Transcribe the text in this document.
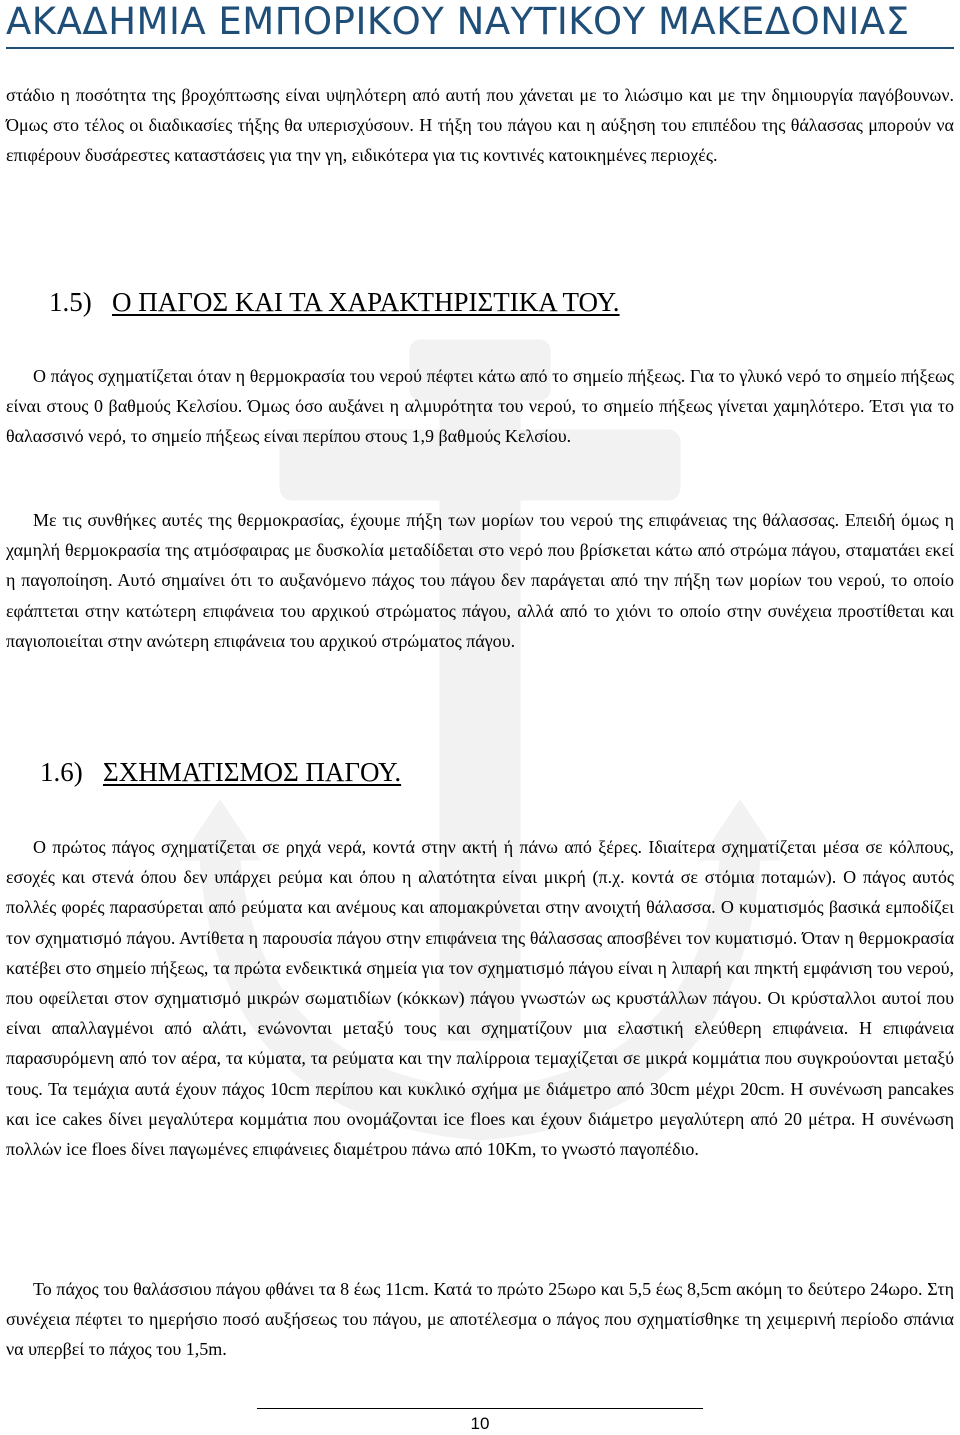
ΑΚΑΔΗΜΙΑ ΕΜΠΟΡΙΚΟΥ ΝΑΥΤΙΚΟΥ ΜΑΚΕΔΟΝΙΑΣ

στάδιο η ποσότητα της βροχόπτωσης είναι υψηλότερη από αυτή που χάνεται με το λιώσιμο και με την δημιουργία παγόβουνων. Όμως στο τέλος οι διαδικασίες τήξης θα υπερισχύσουν. Η τήξη του πάγου και η αύξηση του επιπέδου της θάλασσας μπορούν να επιφέρουν δυσάρεστες καταστάσεις για την γη, ειδικότερα για τις κοντινές κατοικημένες περιοχές.

1.5) Ο ΠΑΓΟΣ ΚΑΙ ΤΑ ΧΑΡΑΚΤΗΡΙΣΤΙΚΑ ΤΟΥ.

Ο πάγος σχηματίζεται όταν η θερμοκρασία του νερού πέφτει κάτω από το σημείο πήξεως. Για το γλυκό νερό το σημείο πήξεως είναι στους 0 βαθμούς Κελσίου. Όμως όσο αυξάνει η αλμυρότητα του νερού, το σημείο πήξεως γίνεται χαμηλότερο. Έτσι για το θαλασσινό νερό, το σημείο πήξεως είναι περίπου στους 1,9 βαθμούς Κελσίου.

Με τις συνθήκες αυτές της θερμοκρασίας, έχουμε πήξη των μορίων του νερού της επιφάνειας της θάλασσας. Επειδή όμως η χαμηλή θερμοκρασία της ατμόσφαιρας με δυσκολία μεταδίδεται στο νερό που βρίσκεται κάτω από στρώμα πάγου, σταματάει εκεί η παγοποίηση. Αυτό σημαίνει ότι το αυξανόμενο πάχος του πάγου δεν παράγεται από την πήξη των μορίων του νερού, το οποίο εφάπτεται στην κατώτερη επιφάνεια του αρχικού στρώματος πάγου, αλλά από το χιόνι το οποίο στην συνέχεια προστίθεται και παγιοποιείται στην ανώτερη επιφάνεια του αρχικού στρώματος πάγου.

1.6) ΣΧΗΜΑΤΙΣΜΟΣ ΠΑΓΟΥ.

Ο πρώτος πάγος σχηματίζεται σε ρηχά νερά, κοντά στην ακτή ή πάνω από ξέρες. Ιδιαίτερα σχηματίζεται μέσα σε κόλπους, εσοχές και στενά όπου δεν υπάρχει ρεύμα και όπου η αλατότητα είναι μικρή (π.χ. κοντά σε στόμια ποταμών). Ο πάγος αυτός πολλές φορές παρασύρεται από ρεύματα και ανέμους και απομακρύνεται στην ανοιχτή θάλασσα. Ο κυματισμός βασικά εμποδίζει τον σχηματισμό πάγου. Αντίθετα η παρουσία πάγου στην επιφάνεια της θάλασσας αποσβένει τον κυματισμό. Όταν η θερμοκρασία κατέβει στο σημείο πήξεως, τα πρώτα ενδεικτικά σημεία για τον σχηματισμό πάγου είναι η λιπαρή και πηκτή εμφάνιση του νερού, που οφείλεται στον σχηματισμό μικρών σωματιδίων (κόκκων) πάγου γνωστών ως κρυστάλλων πάγου. Οι κρύσταλλοι αυτοί που είναι απαλλαγμένοι από αλάτι, ενώνονται μεταξύ τους και σχηματίζουν μια ελαστική ελεύθερη επιφάνεια. Η επιφάνεια παρασυρόμενη από τον αέρα, τα κύματα, τα ρεύματα και την παλίρροια τεμαχίζεται σε μικρά κομμάτια που συγκρούονται μεταξύ τους. Τα τεμάχια αυτά έχουν πάχος 10cm περίπου και κυκλικό σχήμα με διάμετρο από 30cm μέχρι 20cm. Η συνένωση pancakes και ice cakes δίνει μεγαλύτερα κομμάτια που ονομάζονται ice floes και έχουν διάμετρο μεγαλύτερη από 20 μέτρα. Η συνένωση πολλών ice floes δίνει παγωμένες επιφάνειες διαμέτρου πάνω από 10Km, το γνωστό παγοπέδιο.

Το πάχος του θαλάσσιου πάγου φθάνει τα 8 έως 11cm. Κατά το πρώτο 25ωρο και 5,5 έως 8,5cm ακόμη το δεύτερο 24ωρο. Στη συνέχεια πέφτει το ημερήσιο ποσό αυξήσεως του πάγου, με αποτέλεσμα ο πάγος που σχηματίσθηκε τη χειμερινή περίοδο σπάνια να υπερβεί το πάχος του 1,5m.

10
